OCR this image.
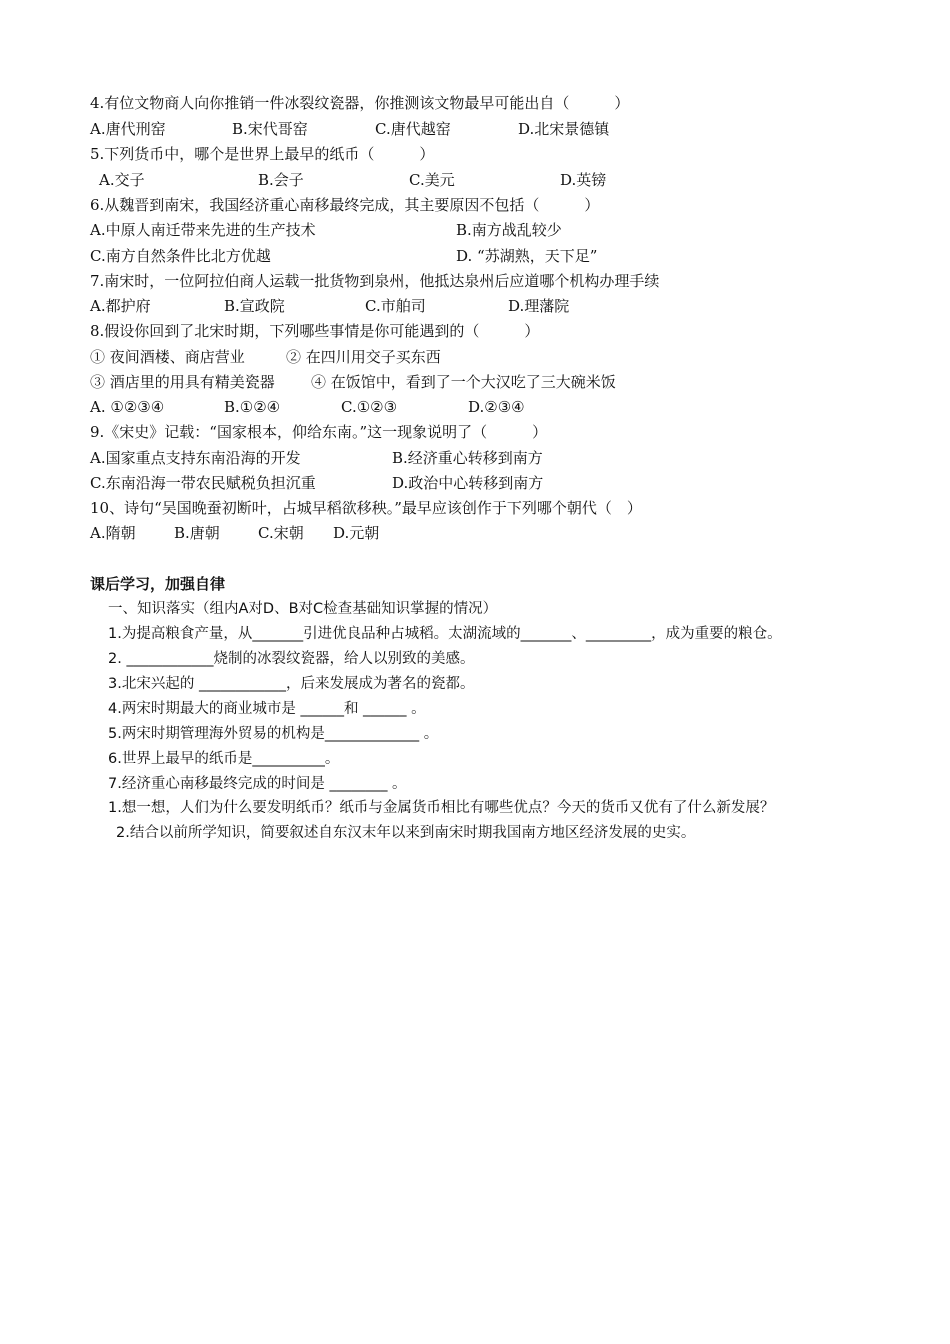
4.有位文物商人向你推销一件冰裂纹瓷器，你推测该文物最早可能出自（　　　）
A.唐代刑窑	B.宋代哥窑	C.唐代越窑	D.北宋景德镇
5.下列货币中，哪个是世界上最早的纸币（　　　）
A.交子	B.会子	C.美元	D.英镑
6.从魏晋到南宋，我国经济重心南移最终完成，其主要原因不包括（　　　）
A.中原人南迁带来先进的生产技术	B.南方战乱较少
C.南方自然条件比北方优越	D. “苏湖熟，天下足”
7.南宋时，一位阿拉伯商人运载一批货物到泉州，他抵达泉州后应道哪个机构办理手续
A.都护府	B.宣政院	C.市舶司	D.理藩院
8.假设你回到了北宋时期，下列哪些事情是你可能遇到的（　　　）
① 夜间酒楼、商店营业	② 在四川用交子买东西
③ 酒店里的用具有精美瓷器 ④ 在饭馆中，看到了一个大汉吃了三大碗米饭
A. ①②③④	B.①②④	C.①②③	D.②③④
9.《宋史》记载：“国家根本，仰给东南。”这一现象说明了（　　　）
A.国家重点支持东南沿海的开发	B.经济重心转移到南方
C.东南沿海一带农民赋税负担沉重	D.政治中心转移到南方
10、诗句“吴国晚蚕初断叶，占城早稻欲移秧。”最早应该创作于下列哪个朝代（　）
A.隋朝	B.唐朝	C.宋朝 D.元朝
课后学习，加强自律
一、知识落实（组内A对D、B对C检查基础知识掌握的情况）
1.为提高粮食产量，从_______引进优良品种占城稻。太湖流域的_______、_________，成为重要的粮仓。
2. ____________烧制的冰裂纹瓷器，给人以别致的美感。
3.北宋兴起的 ____________，后来发展成为著名的瓷都。
4.两宋时期最大的商业城市是 ______和 ______ 。
5.两宋时期管理海外贸易的机构是_____________ 。
6.世界上最早的纸币是__________。
7.经济重心南移最终完成的时间是 ________ 。
1.想一想，人们为什么要发明纸币？纸币与金属货币相比有哪些优点？今天的货币又优有了什么新发展？
2.结合以前所学知识，简要叙述自东汉末年以来到南宋时期我国南方地区经济发展的史实。
